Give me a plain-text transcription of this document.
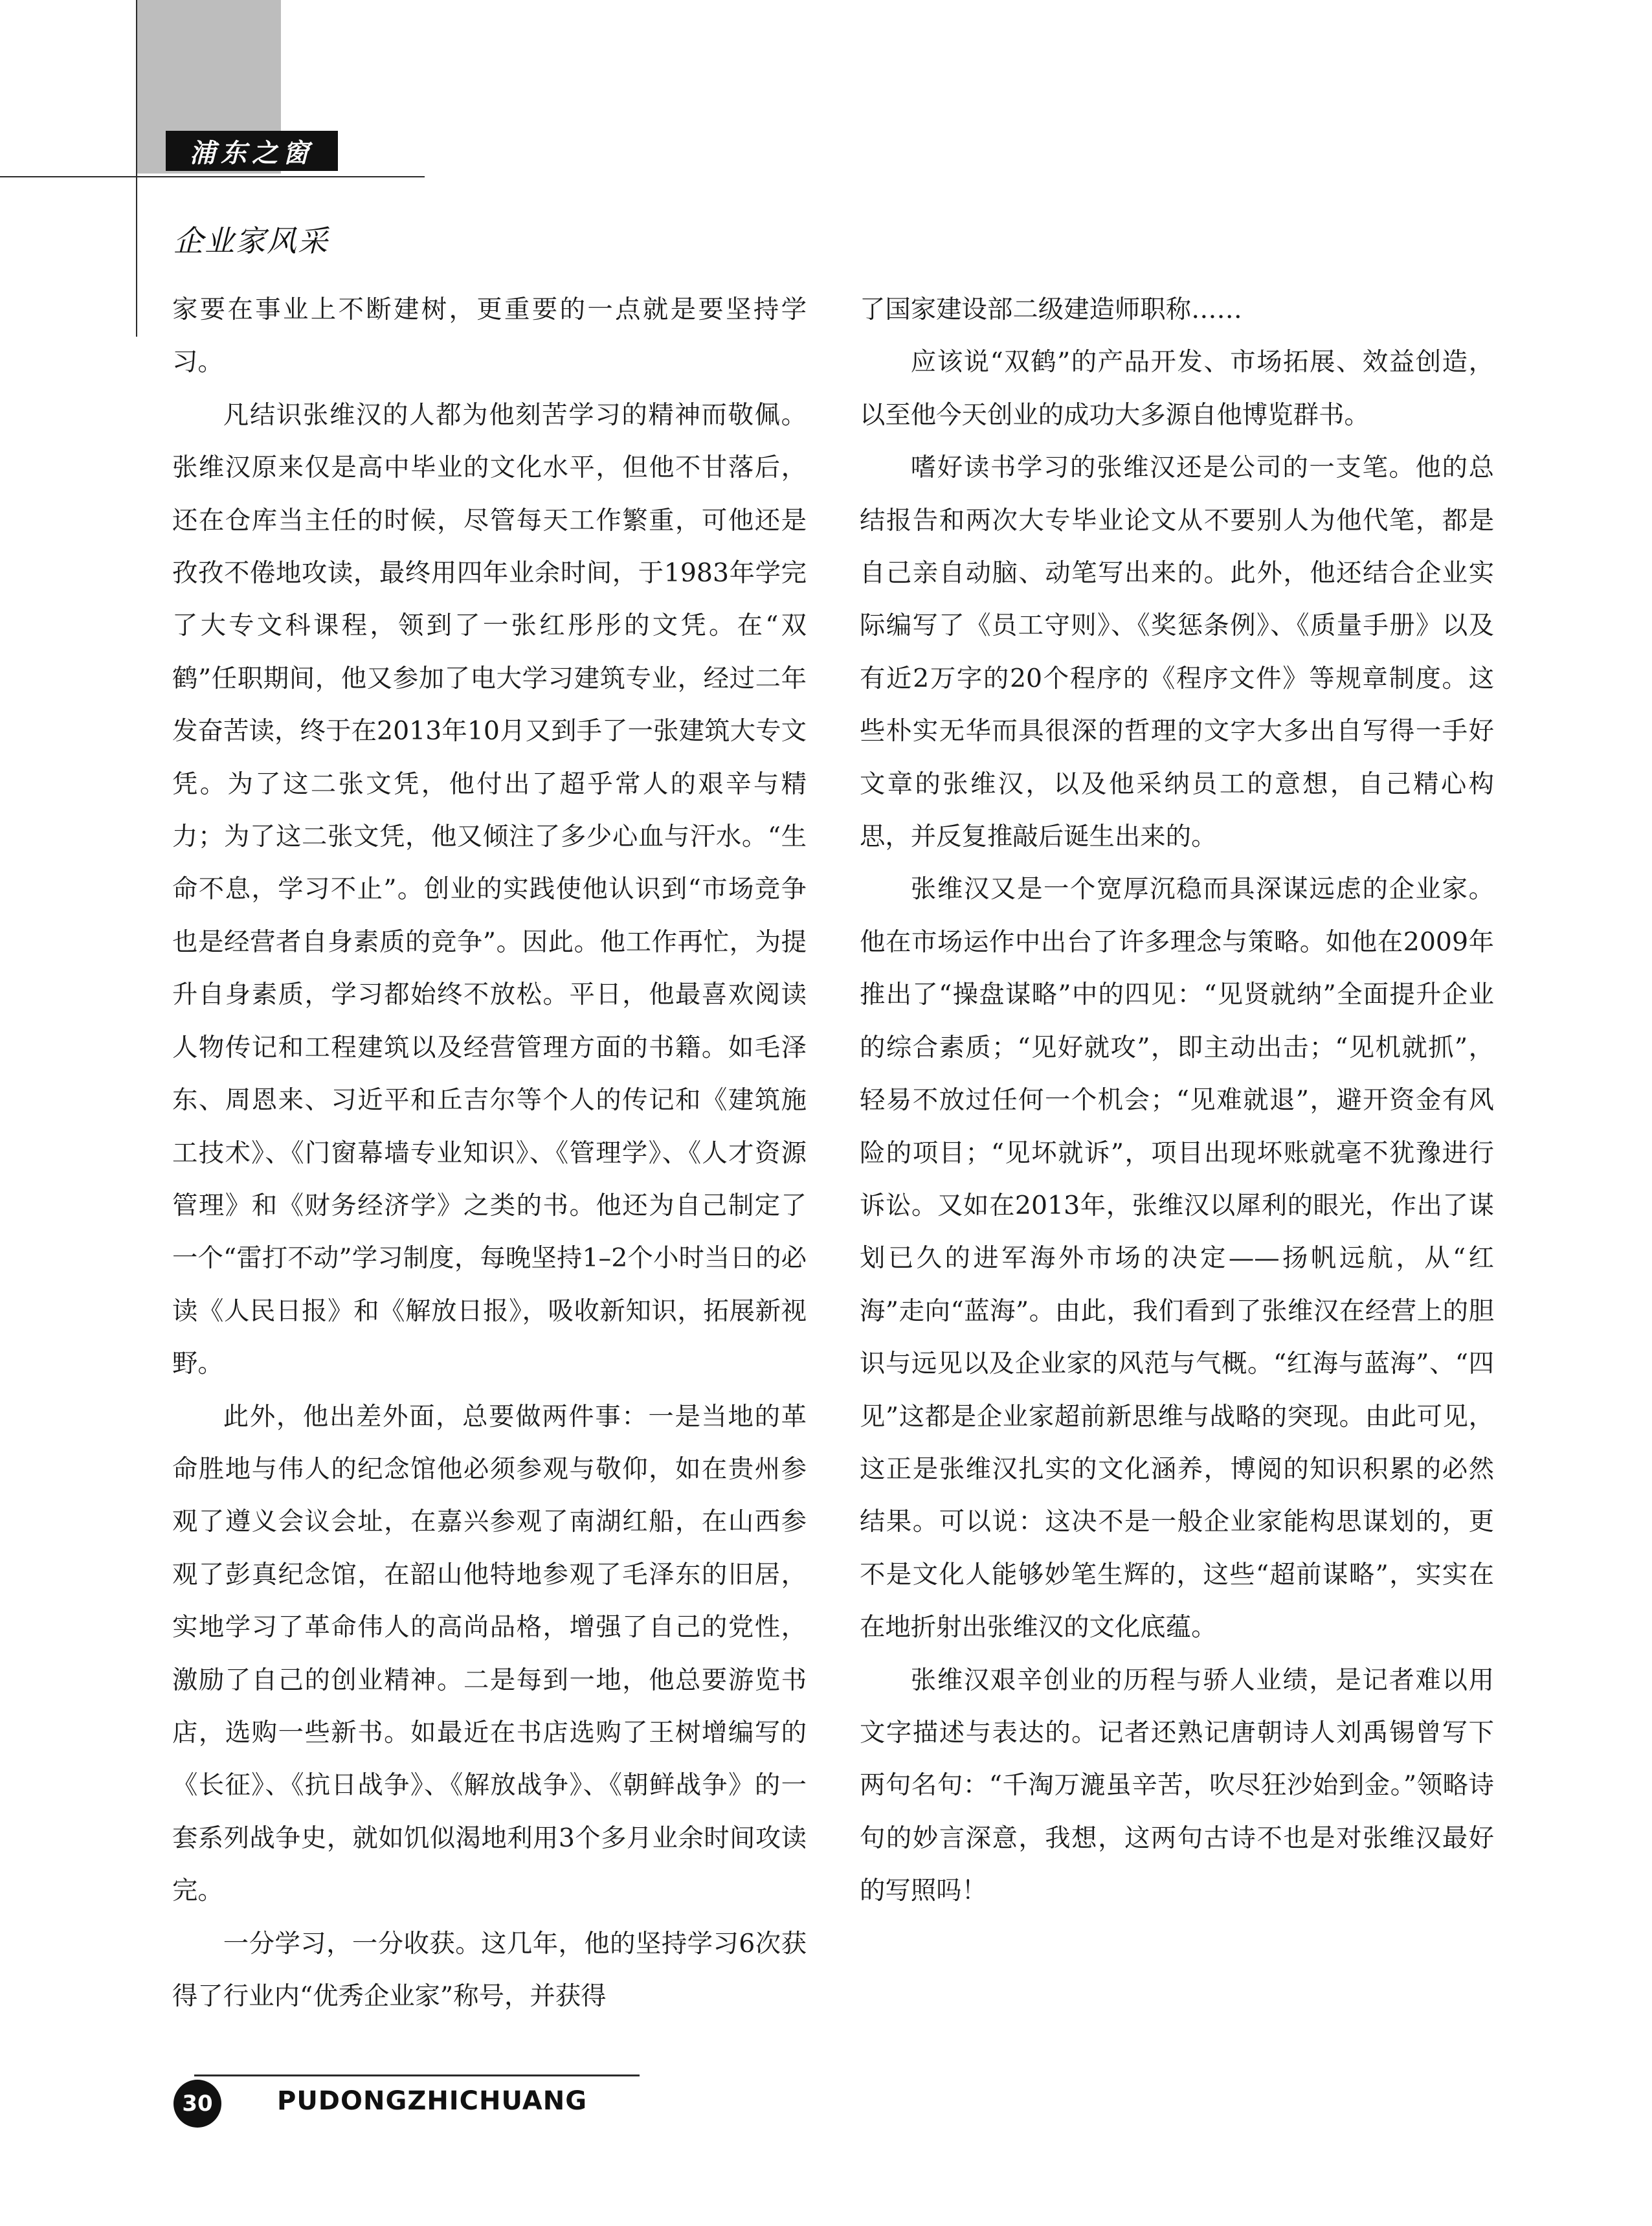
浦东之窗
企业家风采

家要在事业上不断建树，更重要的一点就是要坚持学习。

凡结识张维汉的人都为他刻苦学习的精神而敬佩。张维汉原来仅是高中毕业的文化水平，但他不甘落后，还在仓库当主任的时候，尽管每天工作繁重，可他还是孜孜不倦地攻读，最终用四年业余时间，于1983年学完了大专文科课程，领到了一张红彤彤的文凭。在“双鹤”任职期间，他又参加了电大学习建筑专业，经过二年发奋苦读，终于在2013年10月又到手了一张建筑大专文凭。为了这二张文凭，他付出了超乎常人的艰辛与精力；为了这二张文凭，他又倾注了多少心血与汗水。“生命不息，学习不止”。创业的实践使他认识到“市场竞争也是经营者自身素质的竞争”。因此。他工作再忙，为提升自身素质，学习都始终不放松。平日，他最喜欢阅读人物传记和工程建筑以及经营管理方面的书籍。如毛泽东、周恩来、习近平和丘吉尔等个人的传记和《建筑施工技术》、《门窗幕墙专业知识》、《管理学》、《人才资源管理》和《财务经济学》之类的书。他还为自己制定了一个“雷打不动”学习制度，每晚坚持1–2个小时当日的必读《人民日报》和《解放日报》，吸收新知识，拓展新视野。

此外，他出差外面，总要做两件事：一是当地的革命胜地与伟人的纪念馆他必须参观与敬仰，如在贵州参观了遵义会议会址，在嘉兴参观了南湖红船，在山西参观了彭真纪念馆，在韶山他特地参观了毛泽东的旧居，实地学习了革命伟人的高尚品格，增强了自己的党性，激励了自己的创业精神。二是每到一地，他总要游览书店，选购一些新书。如最近在书店选购了王树增编写的《长征》、《抗日战争》、《解放战争》、《朝鲜战争》的一套系列战争史，就如饥似渴地利用3个多月业余时间攻读完。

一分学习，一分收获。这几年，他的坚持学习6次获得了行业内“优秀企业家”称号，并获得

了国家建设部二级建造师职称……

应该说“双鹤”的产品开发、市场拓展、效益创造，以至他今天创业的成功大多源自他博览群书。

嗜好读书学习的张维汉还是公司的一支笔。他的总结报告和两次大专毕业论文从不要别人为他代笔，都是自己亲自动脑、动笔写出来的。此外，他还结合企业实际编写了《员工守则》、《奖惩条例》、《质量手册》以及有近2万字的20个程序的《程序文件》等规章制度。这些朴实无华而具很深的哲理的文字大多出自写得一手好文章的张维汉，以及他采纳员工的意想，自己精心构思，并反复推敲后诞生出来的。

张维汉又是一个宽厚沉稳而具深谋远虑的企业家。他在市场运作中出台了许多理念与策略。如他在2009年推出了“操盘谋略”中的四见：“见贤就纳”全面提升企业的综合素质；“见好就攻”，即主动出击；“见机就抓”，轻易不放过任何一个机会；“见难就退”，避开资金有风险的项目；“见坏就诉”，项目出现坏账就毫不犹豫进行诉讼。又如在2013年，张维汉以犀利的眼光，作出了谋划已久的进军海外市场的决定——扬帆远航，从“红海”走向“蓝海”。由此，我们看到了张维汉在经营上的胆识与远见以及企业家的风范与气概。“红海与蓝海”、“四见”这都是企业家超前新思维与战略的突现。由此可见，这正是张维汉扎实的文化涵养，博阅的知识积累的必然结果。可以说：这决不是一般企业家能构思谋划的，更不是文化人能够妙笔生辉的，这些“超前谋略”，实实在在地折射出张维汉的文化底蕴。

张维汉艰辛创业的历程与骄人业绩，是记者难以用文字描述与表达的。记者还熟记唐朝诗人刘禹锡曾写下两句名句：“千淘万漉虽辛苦，吹尽狂沙始到金。”领略诗句的妙言深意，我想，这两句古诗不也是对张维汉最好的写照吗！

30	PUDONGZHICHUANG
